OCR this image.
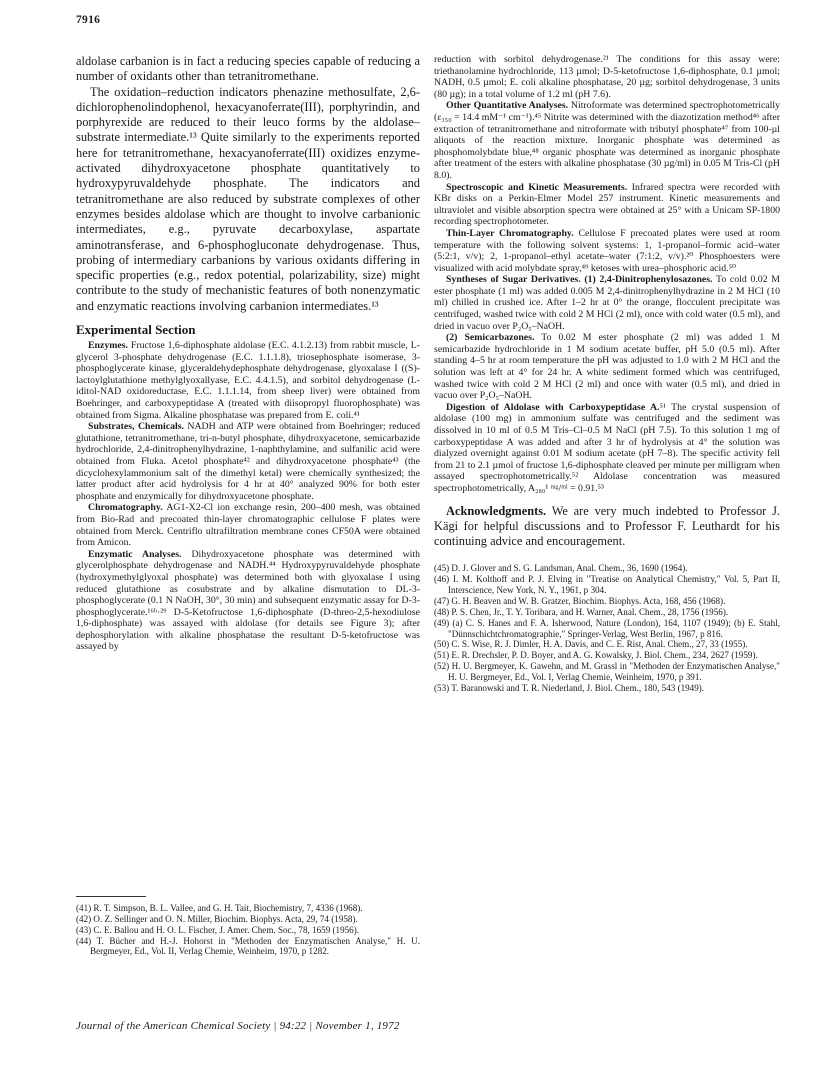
7916

aldolase carbanion is in fact a reducing species capable of reducing a number of oxidants other than tetranitromethane.

The oxidation–reduction indicators phenazine methosulfate, 2,6-dichlorophenolindophenol, hexacyanoferrate(III), porphyrindin, and porphyrexide are reduced to their leuco forms by the aldolase–substrate intermediate.¹³ Quite similarly to the experiments reported here for tetranitromethane, hexacyanoferrate(III) oxidizes enzyme-activated dihydroxyacetone phosphate quantitatively to hydroxypyruvaldehyde phosphate. The indicators and tetranitromethane are also reduced by substrate complexes of other enzymes besides aldolase which are thought to involve carbanionic intermediates, e.g., pyruvate decarboxylase, aspartate aminotransferase, and 6-phosphogluconate dehydrogenase. Thus, probing of intermediary carbanions by various oxidants differing in specific properties (e.g., redox potential, polarizability, size) might contribute to the study of mechanistic features of both nonenzymatic and enzymatic reactions involving carbanion intermediates.¹³

Experimental Section

Enzymes. Fructose 1,6-diphosphate aldolase (E.C. 4.1.2.13) from rabbit muscle, L-glycerol 3-phosphate dehydrogenase (E.C. 1.1.1.8), triosephosphate isomerase, 3-phosphoglycerate kinase, glyceraldehydephosphate dehydrogenase, glyoxalase I ((S)-lactoylglutathione methylglyoxallyase, E.C. 4.4.1.5), and sorbitol dehydrogenase (L-iditol-NAD oxidoreductase, E.C. 1.1.1.14, from sheep liver) were obtained from Boehringer, and carboxypeptidase A (treated with diisopropyl fluorophosphate) was obtained from Sigma. Alkaline phosphatase was prepared from E. coli.⁴¹

Substrates, Chemicals. NADH and ATP were obtained from Boehringer; reduced glutathione, tetranitromethane, tri-n-butyl phosphate, dihydroxyacetone, semicarbazide hydrochloride, 2,4-dinitrophenylhydrazine, 1-naphthylamine, and sulfanilic acid were obtained from Fluka. Acetol phosphate⁴² and dihydroxyacetone phosphate⁴³ (the dicyclohexylammonium salt of the dimethyl ketal) were chemically synthesized; the latter product after acid hydrolysis for 4 hr at 40° analyzed 90% for both ester phosphate and enzymically for dihydroxyacetone phosphate.

Chromatography. AG1-X2-Cl ion exchange resin, 200–400 mesh, was obtained from Bio-Rad and precoated thin-layer chromatographic cellulose F plates were obtained from Merck. Centriflo ultrafiltration membrane cones CF50A were obtained from Amicon.

Enzymatic Analyses. Dihydroxyacetone phosphate was determined with glycerolphosphate dehydrogenase and NADH.⁴⁴ Hydroxypyruvaldehyde phosphate (hydroxymethylglyoxal phosphate) was determined both with glyoxalase I using reduced glutathione as cosubstrate and by alkaline dismutation to DL-3-phosphoglycerate (0.1 N NaOH, 30°, 30 min) and subsequent enzymatic assay for D-3-phosphoglycerate.¹⁶ᵇ·²⁹ D-5-Ketofructose 1,6-diphosphate (D-threo-2,5-hexodiulose 1,6-diphosphate) was assayed with aldolase (for details see Figure 3); after dephosphorylation with alkaline phosphatase the resultant D-5-ketofructose was assayed by

(41) R. T. Simpson, B. L. Vallee, and G. H. Tait, Biochemistry, 7, 4336 (1968).
(42) O. Z. Sellinger and O. N. Miller, Biochim. Biophys. Acta, 29, 74 (1958).
(43) C. E. Ballou and H. O. L. Fischer, J. Amer. Chem. Soc., 78, 1659 (1956).
(44) T. Bücher and H.-J. Hohorst in "Methoden der Enzymatischen Analyse," H. U. Bergmeyer, Ed., Vol. II, Verlag Chemie, Weinheim, 1970, p 1282.

reduction with sorbitol dehydrogenase.²¹ The conditions for this assay were: triethanolamine hydrochloride, 113 µmol; D-5-ketofructose 1,6-diphosphate, 0.1 µmol; NADH, 0.5 µmol; E. coli alkaline phosphatase, 20 µg; sorbitol dehydrogenase, 3 units (80 µg); in a total volume of 1.2 ml (pH 7.6).

Other Quantitative Analyses. Nitroformate was determined spectrophotometrically (ε₃₅₀ = 14.4 mM⁻¹ cm⁻¹).⁴⁵ Nitrite was determined with the diazotization method⁴⁶ after extraction of tetranitromethane and nitroformate with tributyl phosphate⁴⁷ from 100-µl aliquots of the reaction mixture. Inorganic phosphate was determined as phosphomolybdate blue,⁴⁸ organic phosphate was determined as inorganic phosphate after treatment of the esters with alkaline phosphatase (30 µg/ml) in 0.05 M Tris-Cl (pH 8.0).

Spectroscopic and Kinetic Measurements. Infrared spectra were recorded with KBr disks on a Perkin-Elmer Model 257 instrument. Kinetic measurements and ultraviolet and visible absorption spectra were obtained at 25° with a Unicam SP-1800 recording spectrophotometer.

Thin-Layer Chromatography. Cellulose F precoated plates were used at room temperature with the following solvent systems: 1, 1-propanol–formic acid–water (5:2:1, v/v); 2, 1-propanol–ethyl acetate–water (7:1:2, v/v).²⁰ Phosphoesters were visualized with acid molybdate spray,⁴⁹ ketoses with urea–phosphoric acid.⁵⁰

Syntheses of Sugar Derivatives. (1) 2,4-Dinitrophenylosazones. To cold 0.02 M ester phosphate (1 ml) was added 0.005 M 2,4-dinitrophenylhydrazine in 2 M HCl (10 ml) chilled in crushed ice. After 1–2 hr at 0° the orange, flocculent precipitate was centrifuged, washed twice with cold 2 M HCl (2 ml), once with cold water (0.5 ml), and dried in vacuo over P₂O₅–NaOH.

(2) Semicarbazones. To 0.02 M ester phosphate (2 ml) was added 1 M semicarbazide hydrochloride in 1 M sodium acetate buffer, pH 5.0 (0.5 ml). After standing 4–5 hr at room temperature the pH was adjusted to 1.0 with 2 M HCl and the solution was left at 4° for 24 hr. A white sediment formed which was centrifuged, washed twice with cold 2 M HCl (2 ml) and once with water (0.5 ml), and dried in vacuo over P₂O₅–NaOH.

Digestion of Aldolase with Carboxypeptidase A.⁵¹ The crystal suspension of aldolase (100 mg) in ammonium sulfate was centrifuged and the sediment was dissolved in 10 ml of 0.5 M Tris–Cl–0.5 M NaCl (pH 7.5). To this solution 1 mg of carboxypeptidase A was added and after 3 hr of hydrolysis at 4° the solution was dialyzed overnight against 0.01 M sodium acetate (pH 7–8). The specific activity fell from 21 to 2.1 µmol of fructose 1,6-diphosphate cleaved per minute per milligram when assayed spectrophotometrically.⁵² Aldolase concentration was measured spectrophotometrically, A₂₈₀¹ ᵐᵍ/ᵐˡ = 0.91.⁵³

Acknowledgments. We are very much indebted to Professor J. Kägi for helpful discussions and to Professor F. Leuthardt for his continuing advice and encouragement.

(45) D. J. Glover and S. G. Landsman, Anal. Chem., 36, 1690 (1964).
(46) I. M. Kolthoff and P. J. Elving in "Treatise on Analytical Chemistry," Vol. 5, Part II, Interscience, New York, N. Y., 1961, p 304.
(47) G. H. Beaven and W. B. Gratzer, Biochim. Biophys. Acta, 168, 456 (1968).
(48) P. S. Chen, Jr., T. Y. Toribara, and H. Warner, Anal. Chem., 28, 1756 (1956).
(49) (a) C. S. Hanes and F. A. Isherwood, Nature (London), 164, 1107 (1949); (b) E. Stahl, "Dünnschichtchromatographie," Springer-Verlag, West Berlin, 1967, p 816.
(50) C. S. Wise, R. J. Dimler, H. A. Davis, and C. E. Rist, Anal. Chem., 27, 33 (1955).
(51) E. R. Drechsler, P. D. Boyer, and A. G. Kowalsky, J. Biol. Chem., 234, 2627 (1959).
(52) H. U. Bergmeyer, K. Gawehn, and M. Grassl in "Methoden der Enzymatischen Analyse," H. U. Bergmeyer, Ed., Vol. I, Verlag Chemie, Weinheim, 1970, p 391.
(53) T. Baranowski and T. R. Niederland, J. Biol. Chem., 180, 543 (1949).
Journal of the American Chemical Society | 94:22 | November 1, 1972
